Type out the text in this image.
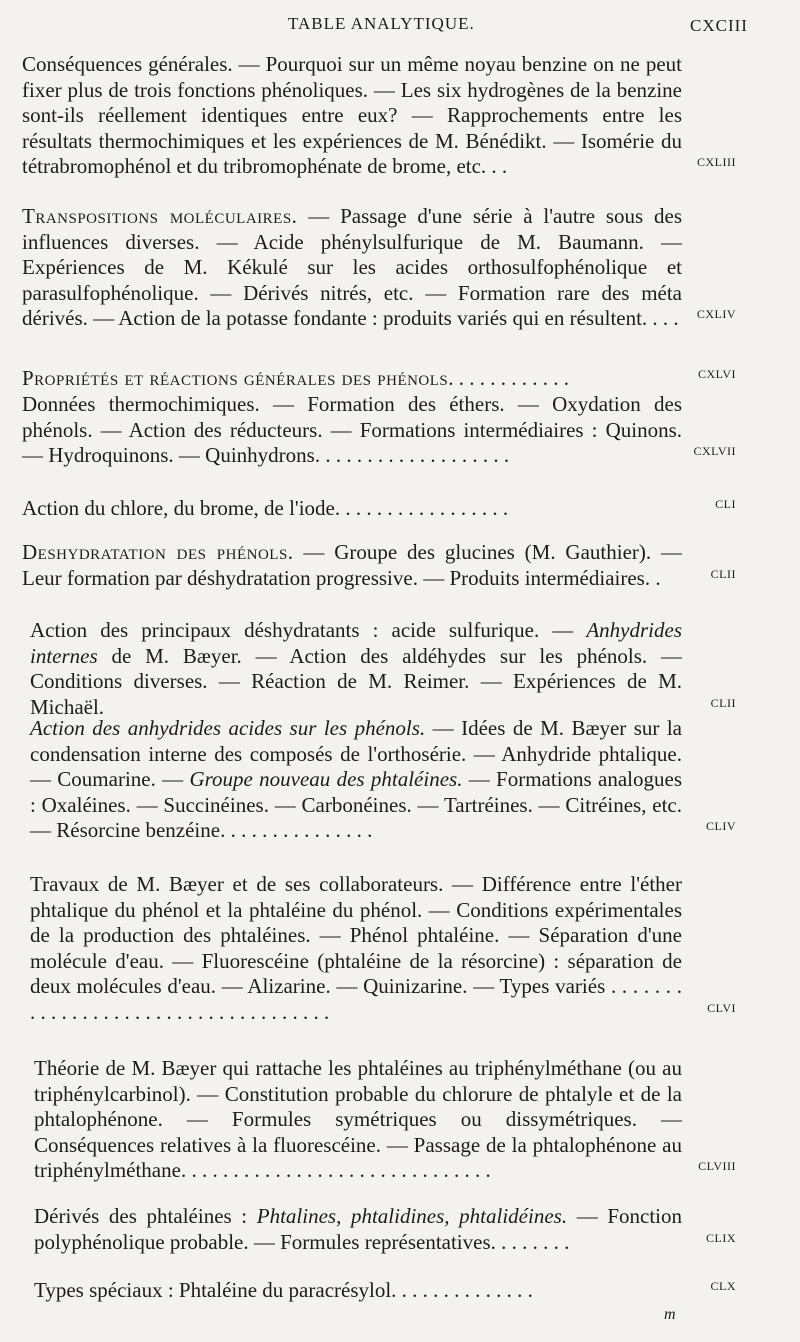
TABLE ANALYTIQUE.	CXCIII
Conséquences générales. — Pourquoi sur un même noyau benzine on ne peut fixer plus de trois fonctions phénoliques. — Les six hydrogènes de la benzine sont-ils réellement identiques entre eux? — Rapprochements entre les résultats thermochimiques et les expériences de M. Bénédikt. — Isomérie du tétrabromophénol et du tribromophénate de brome, etc. . .	CXLIII
Transpositions moléculaires. — Passage d'une série à l'autre sous des influences diverses. — Acide phénylsulfurique de M. Baumann. — Expériences de M. Kékulé sur les acides orthosulfophénolique et parasulfophénolique. — Dérivés nitrés, etc. — Formation rare des méta dérivés. — Action de la potasse fondante : produits variés qui en résultent. . . . CXLIV
Propriétés et réactions générales des phénols. . . . . . . . . . . .	CXLVI
Données thermochimiques. — Formation des éthers. — Oxydation des phénols. — Action des réducteurs. — Formations intermédiaires : Quinons. — Hydroquinons. — Quinhydrons. . . . . . . . . . . . . . . . . . .	CXLVII
Action du chlore, du brome, de l'iode. . . . . . . . . . . . . . . . .	CLI
Deshydratation des phénols. — Groupe des glucines (M. Gauthier). — Leur formation par déshydratation progressive. — Produits intermédiaires. .	CLII
Action des principaux déshydratants : acide sulfurique. — Anhydrides internes de M. Bæyer. — Action des aldéhydes sur les phénols. — Conditions diverses. — Réaction de M. Reimer. — Expériences de M. Michaël.	CLII
Action des anhydrides acides sur les phénols. — Idées de M. Bæyer sur la condensation interne des composés de l'orthosérie. — Anhydride phtalique. — Coumarine. — Groupe nouveau des phtaléines. — Formations analogues : Oxaléines. — Succinéines. — Carbonéines. — Tartréines. — Citréines, etc. — Résorcine benzéine. . . . . . . . . . . . . . .	CLIV
Travaux de M. Bæyer et de ses collaborateurs. — Différence entre l'éther phtalique du phénol et la phtaléine du phénol. — Conditions expérimentales de la production des phtaléines. — Phénol phtaléine. — Séparation d'une molécule d'eau. — Fluorescéine (phtaléine de la résorcine) : séparation de deux molécules d'eau. — Alizarine. — Quinizarine. — Types variés . . . . . . . . . . . . . . . . . . . . . . . . . . . . . . . . . . . .	CLVI
Théorie de M. Bæyer qui rattache les phtaléines au triphénylméthane (ou au triphénylcarbinol). — Constitution probable du chlorure de phtalyle et de la phtalophénone. — Formules symétriques ou dissymétriques. — Conséquences relatives à la fluorescéine. — Passage de la phtalophénone au triphénylméthane. . . . . . . . . . . . . . . . . . . . . . . . . . . . . .	CLVIII
Dérivés des phtaléines : Phtalines, phtalidines, phtalidéines. — Fonction polyphénolique probable. — Formules représentatives. . . . . . . .	CLIX
Types spéciaux : Phtaléine du paracrésylol. . . . . . . . . . . . . .	CLX
m
